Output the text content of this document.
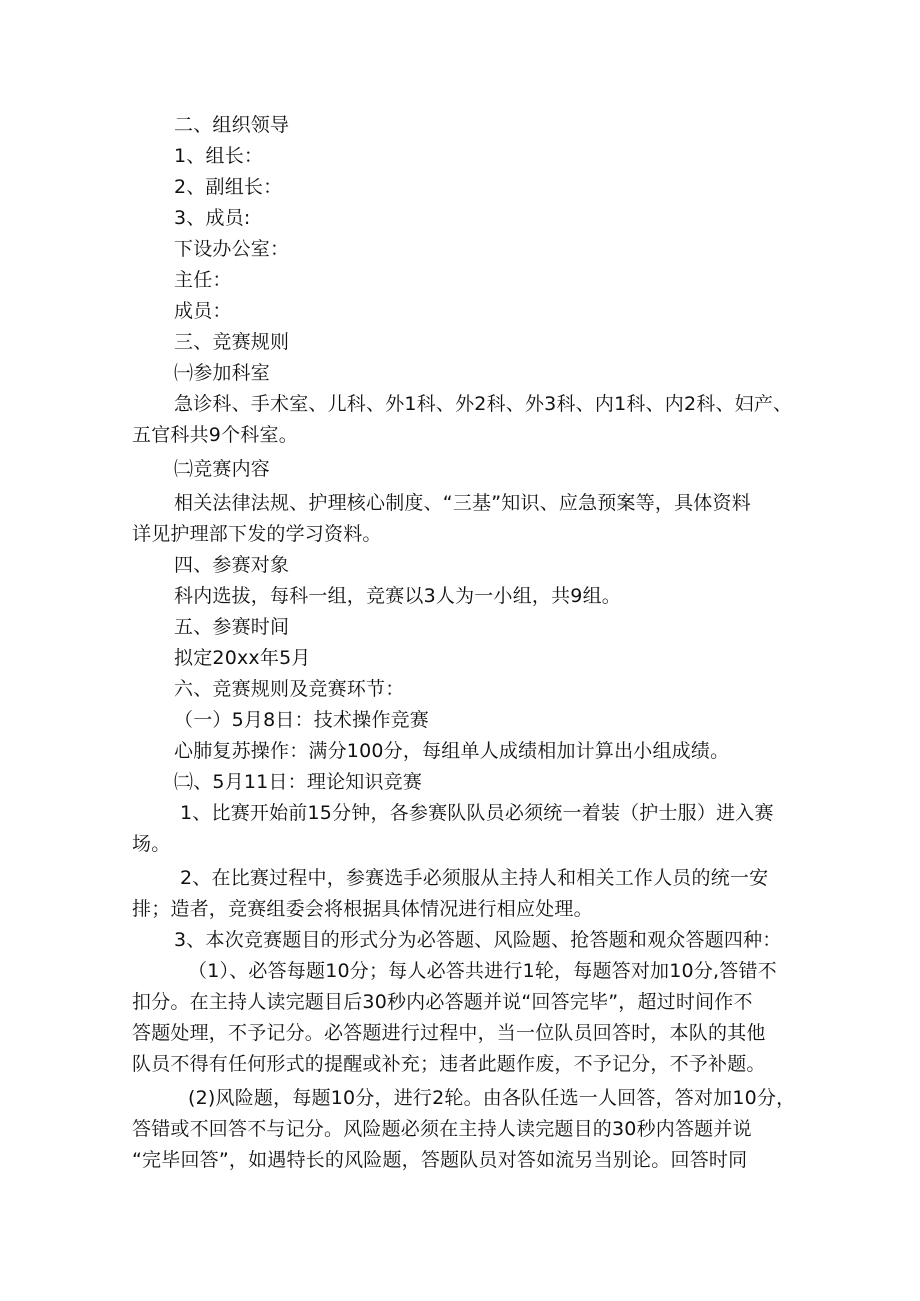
二、组织领导
1、组长：
2、副组长：
3、成员:
下设办公室：
主任：
成员：
三、竞赛规则
㈠参加科室
急诊科、手术室、儿科、外1科、外2科、外3科、内1科、内2科、妇产、
五官科共9个科室。
㈡竞赛内容
相关法律法规、护理核心制度、“三基”知识、应急预案等，具体资料
详见护理部下发的学习资料。
四、参赛对象
科内选拔，每科一组，竞赛以3人为一小组，共9组。
五、参赛时间
拟定20xx年5月
六、竞赛规则及竞赛环节：
（一）5月8日：技术操作竞赛
心肺复苏操作：满分100分，每组单人成绩相加计算出小组成绩。
㈡、5月11日：理论知识竞赛
1、比赛开始前15分钟，各参赛队队员必须统一着装（护士服）进入赛
场。
2、在比赛过程中，参赛选手必须服从主持人和相关工作人员的统一安
排；造者，竞赛组委会将根据具体情况进行相应处理。
3、本次竞赛题目的形式分为必答题、风险题、抢答题和观众答题四种：
（1）、必答每题10分；每人必答共进行1轮，每题答对加10分,答错不
扣分。在主持人读完题目后30秒内必答题并说“回答完毕”，超过时间作不
答题处理，不予记分。必答题进行过程中，当一位队员回答时，本队的其他
队员不得有任何形式的提醒或补充；违者此题作废，不予记分，不予补题。
(2)风险题，每题10分，进行2轮。由各队任选一人回答，答对加10分，
答错或不回答不与记分。风险题必须在主持人读完题目的30秒内答题并说
“完毕回答”，如遇特长的风险题，答题队员对答如流另当别论。回答时同
